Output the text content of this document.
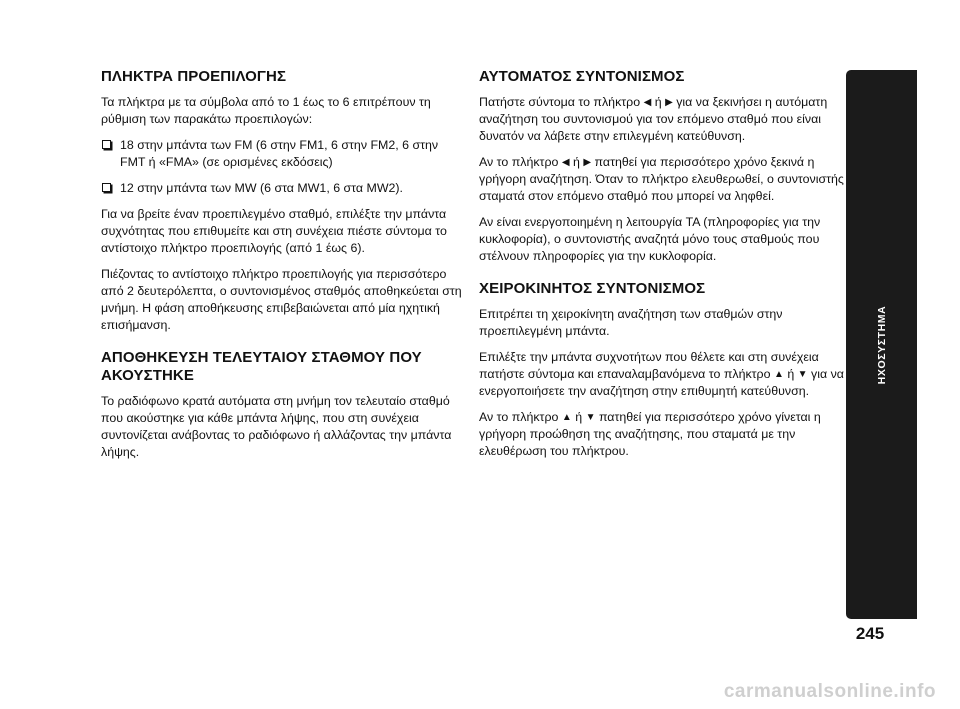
ΠΛΗΚΤΡΑ ΠΡΟΕΠΙΛΟΓΗΣ

Τα πλήκτρα με τα σύμβολα από το 1 έως το 6 επιτρέπουν τη ρύθμιση των παρακάτω προεπιλογών:

18 στην μπάντα των FM (6 στην FM1, 6 στην FM2, 6 στην FMT ή «FMA» (σε ορισμένες εκδόσεις)
12 στην μπάντα των MW (6 στα MW1, 6 στα MW2).

Για να βρείτε έναν προεπιλεγμένο σταθμό, επιλέξτε την μπάντα συχνότητας που επιθυμείτε και στη συνέχεια πιέστε σύντομα το αντίστοιχο πλήκτρο προεπιλογής (από 1 έως 6).

Πιέζοντας το αντίστοιχο πλήκτρο προεπιλογής για περισσότερο από 2 δευτερόλεπτα, ο συντονισμένος σταθμός αποθηκεύεται στη μνήμη. Η φάση αποθήκευσης επιβεβαιώνεται από μία ηχητική επισήμανση.

ΑΠΟΘΗΚΕΥΣΗ ΤΕΛΕΥΤΑΙΟΥ ΣΤΑΘΜΟΥ ΠΟΥ ΑΚΟΥΣΤΗΚΕ

Το ραδιόφωνο κρατά αυτόματα στη μνήμη τον τελευταίο σταθμό που ακούστηκε για κάθε μπάντα λήψης, που στη συνέχεια συντονίζεται ανάβοντας το ραδιόφωνο ή αλλάζοντας την μπάντα λήψης.

ΑΥΤΟΜΑΤΟΣ ΣΥΝΤΟΝΙΣΜΟΣ

Πατήστε σύντομα το πλήκτρο ◀ ή ▶ για να ξεκινήσει η αυτόματη αναζήτηση του συντονισμού για τον επόμενο σταθμό που είναι δυνατόν να λάβετε στην επιλεγμένη κατεύθυνση.

Αν το πλήκτρο ◀ ή ▶ πατηθεί για περισσότερο χρόνο ξεκινά η γρήγορη αναζήτηση. Όταν το πλήκτρο ελευθερωθεί, ο συντονιστής σταματά στον επόμενο σταθμό που μπορεί να ληφθεί.

Αν είναι ενεργοποιημένη η λειτουργία TA (πληροφορίες για την κυκλοφορία), ο συντονιστής αναζητά μόνο τους σταθμούς που στέλνουν πληροφορίες για την κυκλοφορία.

ΧΕΙΡΟΚΙΝΗΤΟΣ ΣΥΝΤΟΝΙΣΜΟΣ

Επιτρέπει τη χειροκίνητη αναζήτηση των σταθμών στην προεπιλεγμένη μπάντα.

Επιλέξτε την μπάντα συχνοτήτων που θέλετε και στη συνέχεια πατήστε σύντομα και επαναλαμβανόμενα το πλήκτρο ▲ ή ▼ για να ενεργοποιήσετε την αναζήτηση στην επιθυμητή κατεύθυνση.

Αν το πλήκτρο ▲ ή ▼ πατηθεί για περισσότερο χρόνο γίνεται η γρήγορη προώθηση της αναζήτησης, που σταματά με την ελευθέρωση του πλήκτρου.

ΗΧΟΣΥΣΤΗΜΑ
245
carmanualsonline.info
